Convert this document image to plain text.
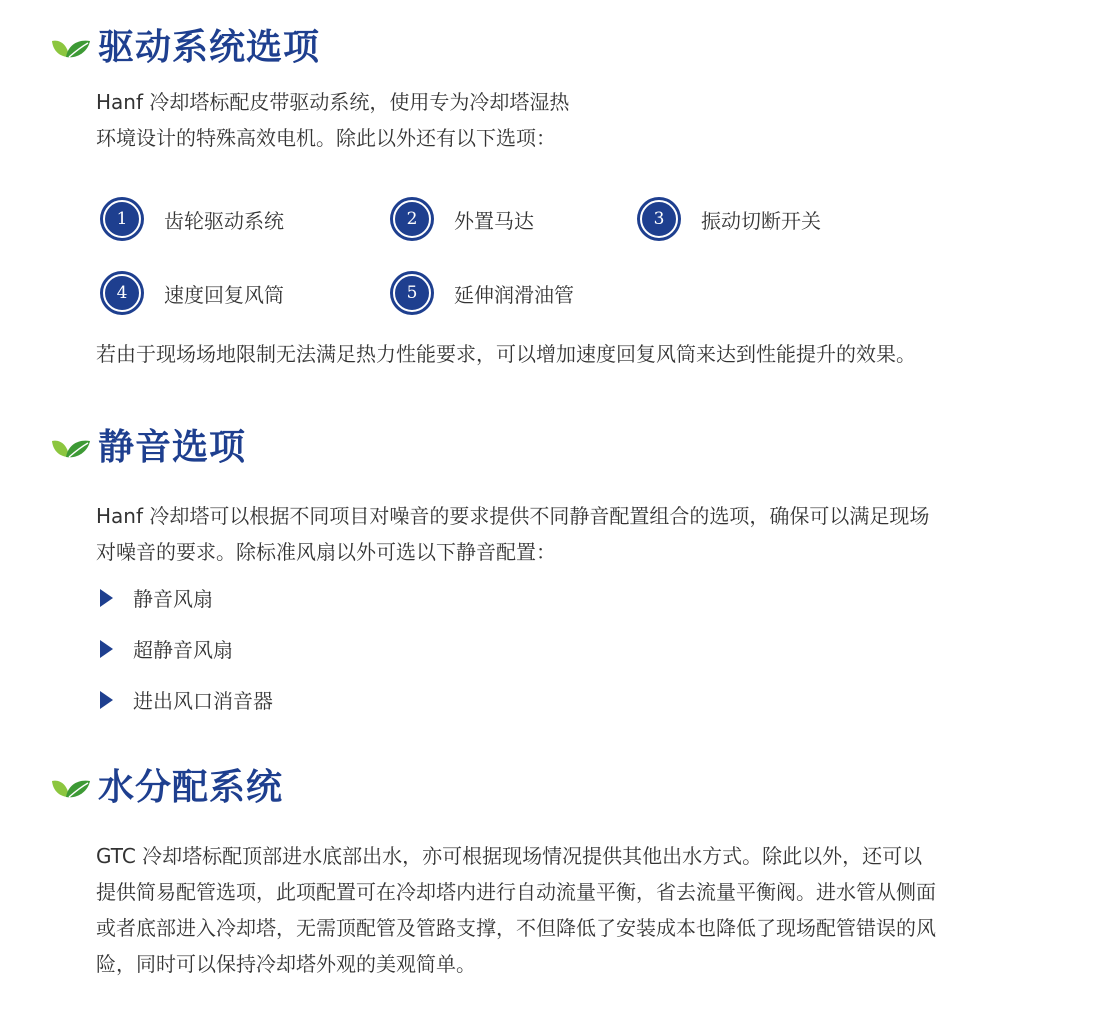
驱动系统选项

Hanf 冷却塔标配皮带驱动系统，使用专为冷却塔湿热

环境设计的特殊高效电机。除此以外还有以下选项：

1	齿轮驱动系统	2	外置马达	3	振动切断开关
4	速度回复风筒	5	延伸润滑油管

若由于现场场地限制无法满足热力性能要求，可以增加速度回复风筒来达到性能提升的效果。

静音选项

Hanf 冷却塔可以根据不同项目对噪音的要求提供不同静音配置组合的选项，确保可以满足现场

对噪音的要求。除标准风扇以外可选以下静音配置：

静音风扇
超静音风扇
进出风口消音器
水分配系统

GTC 冷却塔标配顶部进水底部出水，亦可根据现场情况提供其他出水方式。除此以外，还可以

提供简易配管选项，此项配置可在冷却塔内进行自动流量平衡，省去流量平衡阀。进水管从侧面

或者底部进入冷却塔，无需顶配管及管路支撑，不但降低了安装成本也降低了现场配管错误的风

险，同时可以保持冷却塔外观的美观简单。
